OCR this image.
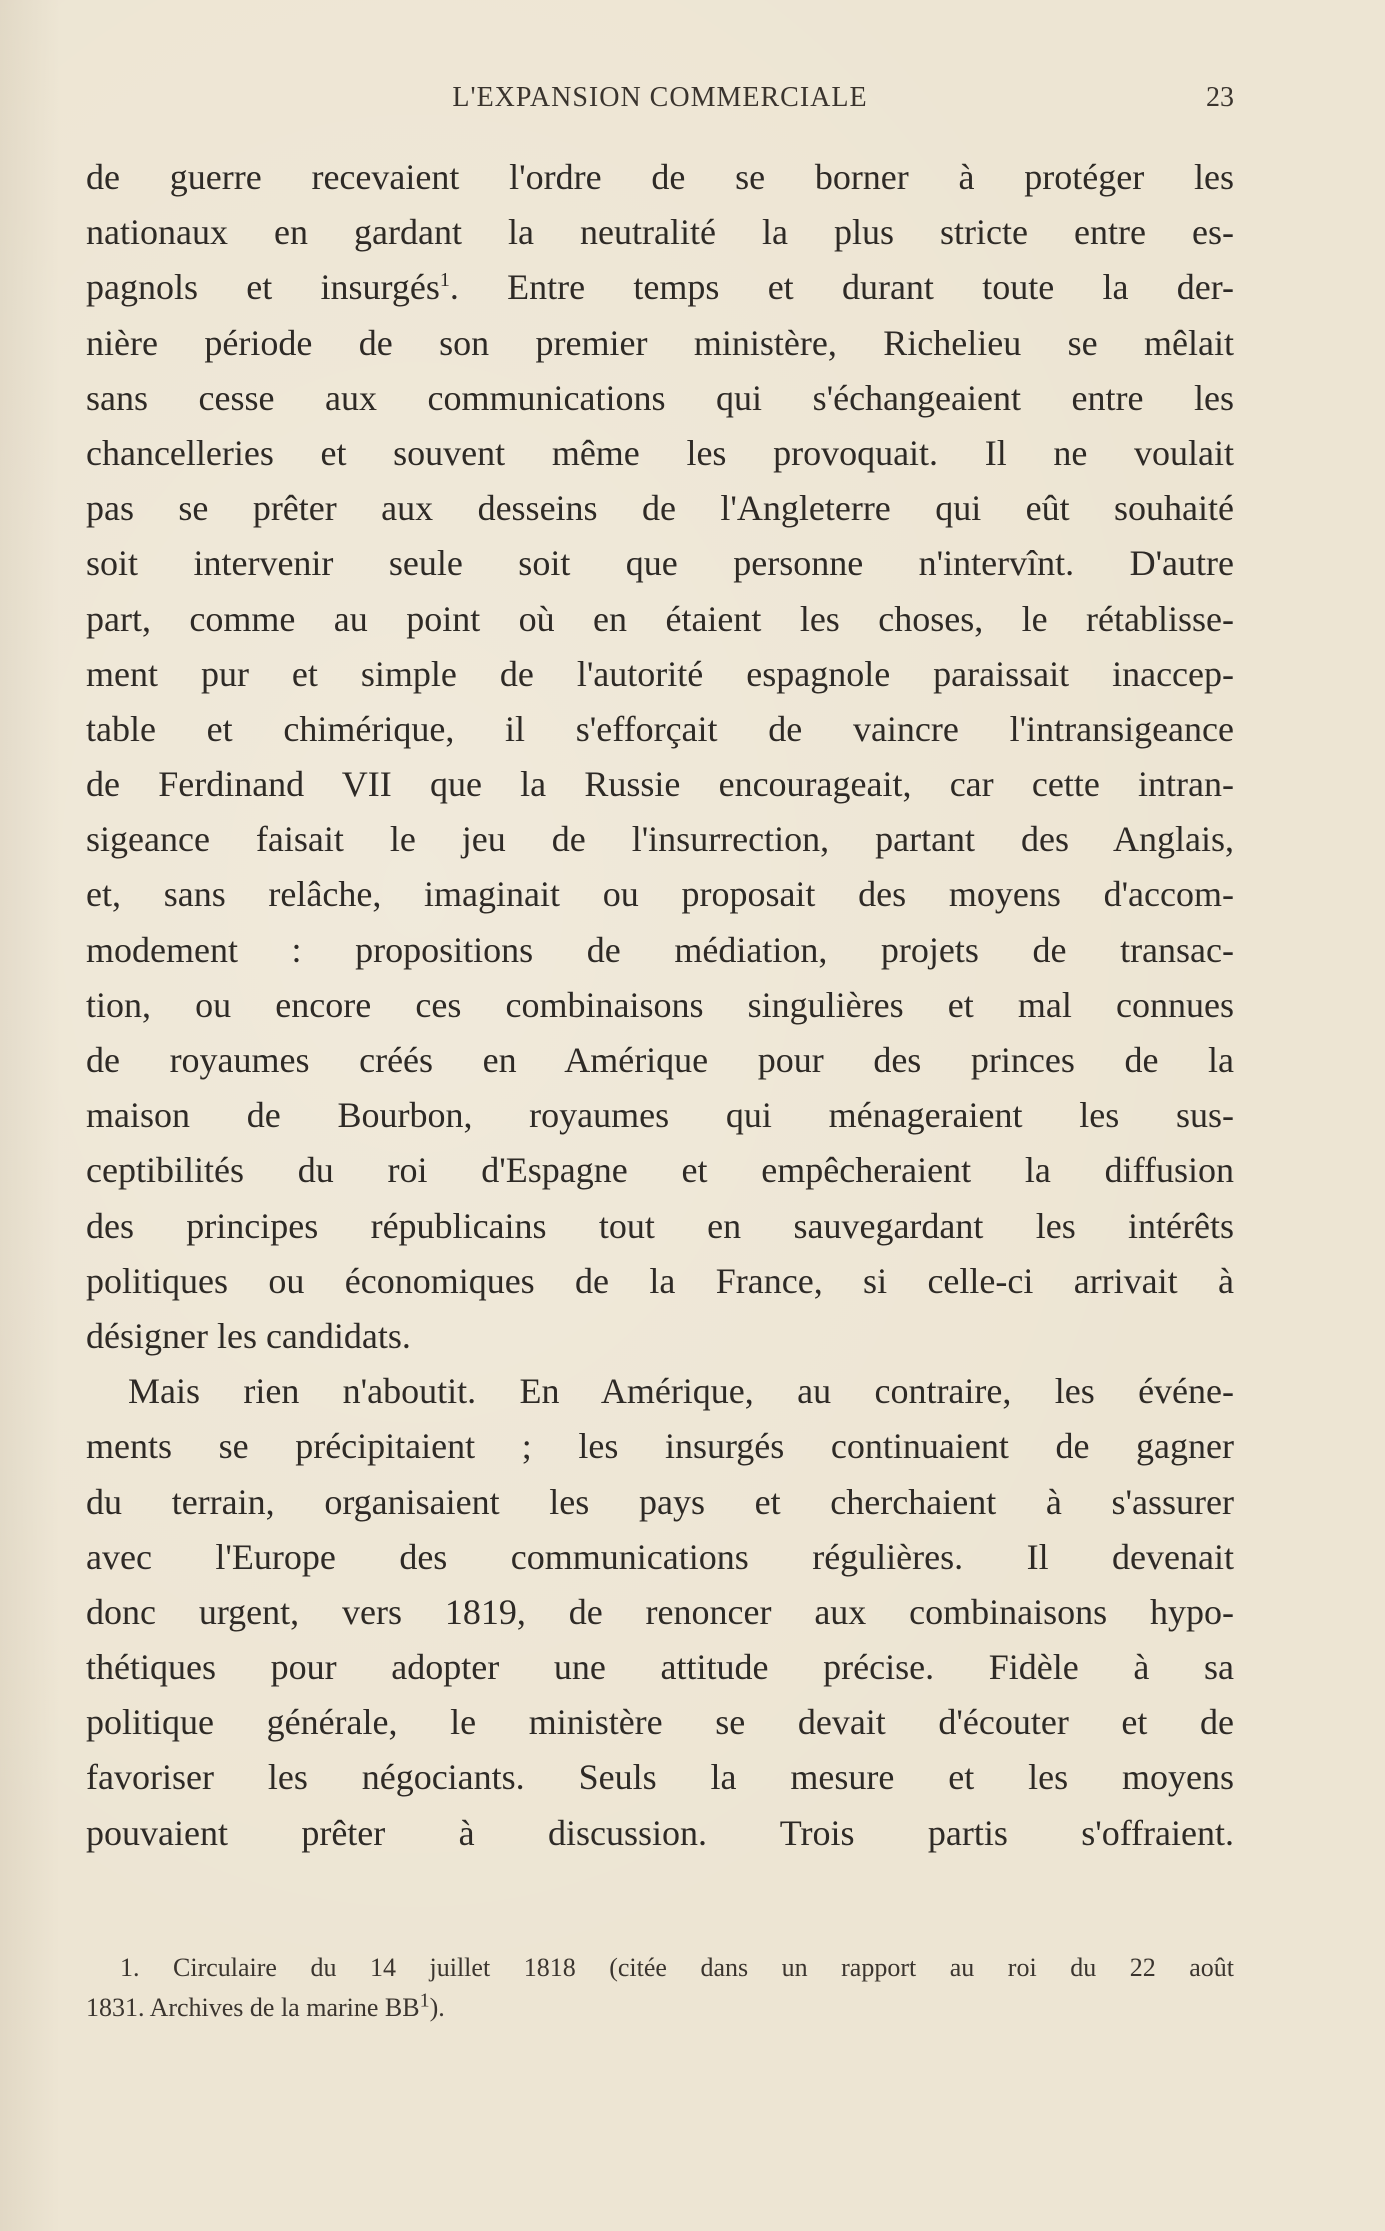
L'EXPANSION COMMERCIALE	23
de guerre recevaient l'ordre de se borner à protéger les
nationaux en gardant la neutralité la plus stricte entre es-
pagnols et insurgés$^1$. Entre temps et durant toute la der-
nière période de son premier ministère, Richelieu se mêlait
sans cesse aux communications qui s'échangeaient entre les
chancelleries et souvent même les provoquait. Il ne voulait
pas se prêter aux desseins de l'Angleterre qui eût souhaité
soit intervenir seule soit que personne n'intervînt. D'autre
part, comme au point où en étaient les choses, le rétablisse-
ment pur et simple de l'autorité espagnole paraissait inaccep-
table et chimérique, il s'efforçait de vaincre l'intransigeance
de Ferdinand VII que la Russie encourageait, car cette intran-
sigeance faisait le jeu de l'insurrection, partant des Anglais,
et, sans relâche, imaginait ou proposait des moyens d'accom-
modement : propositions de médiation, projets de transac-
tion, ou encore ces combinaisons singulières et mal connues
de royaumes créés en Amérique pour des princes de la
maison de Bourbon, royaumes qui ménageraient les sus-
ceptibilités du roi d'Espagne et empêcheraient la diffusion
des principes républicains tout en sauvegardant les intérêts
politiques ou économiques de la France, si celle-ci arrivait à
désigner les candidats.
Mais rien n'aboutit. En Amérique, au contraire, les événe-
ments se précipitaient ; les insurgés continuaient de gagner
du terrain, organisaient les pays et cherchaient à s'assurer
avec l'Europe des communications régulières. Il devenait
donc urgent, vers 1819, de renoncer aux combinaisons hypo-
thétiques pour adopter une attitude précise. Fidèle à sa
politique générale, le ministère se devait d'écouter et de
favoriser les négociants. Seuls la mesure et les moyens
pouvaient prêter à discussion. Trois partis s'offraient.
1. Circulaire du 14 juillet 1818 (citée dans un rapport au roi du 22 août
1831. Archives de la marine $BB^1$).
